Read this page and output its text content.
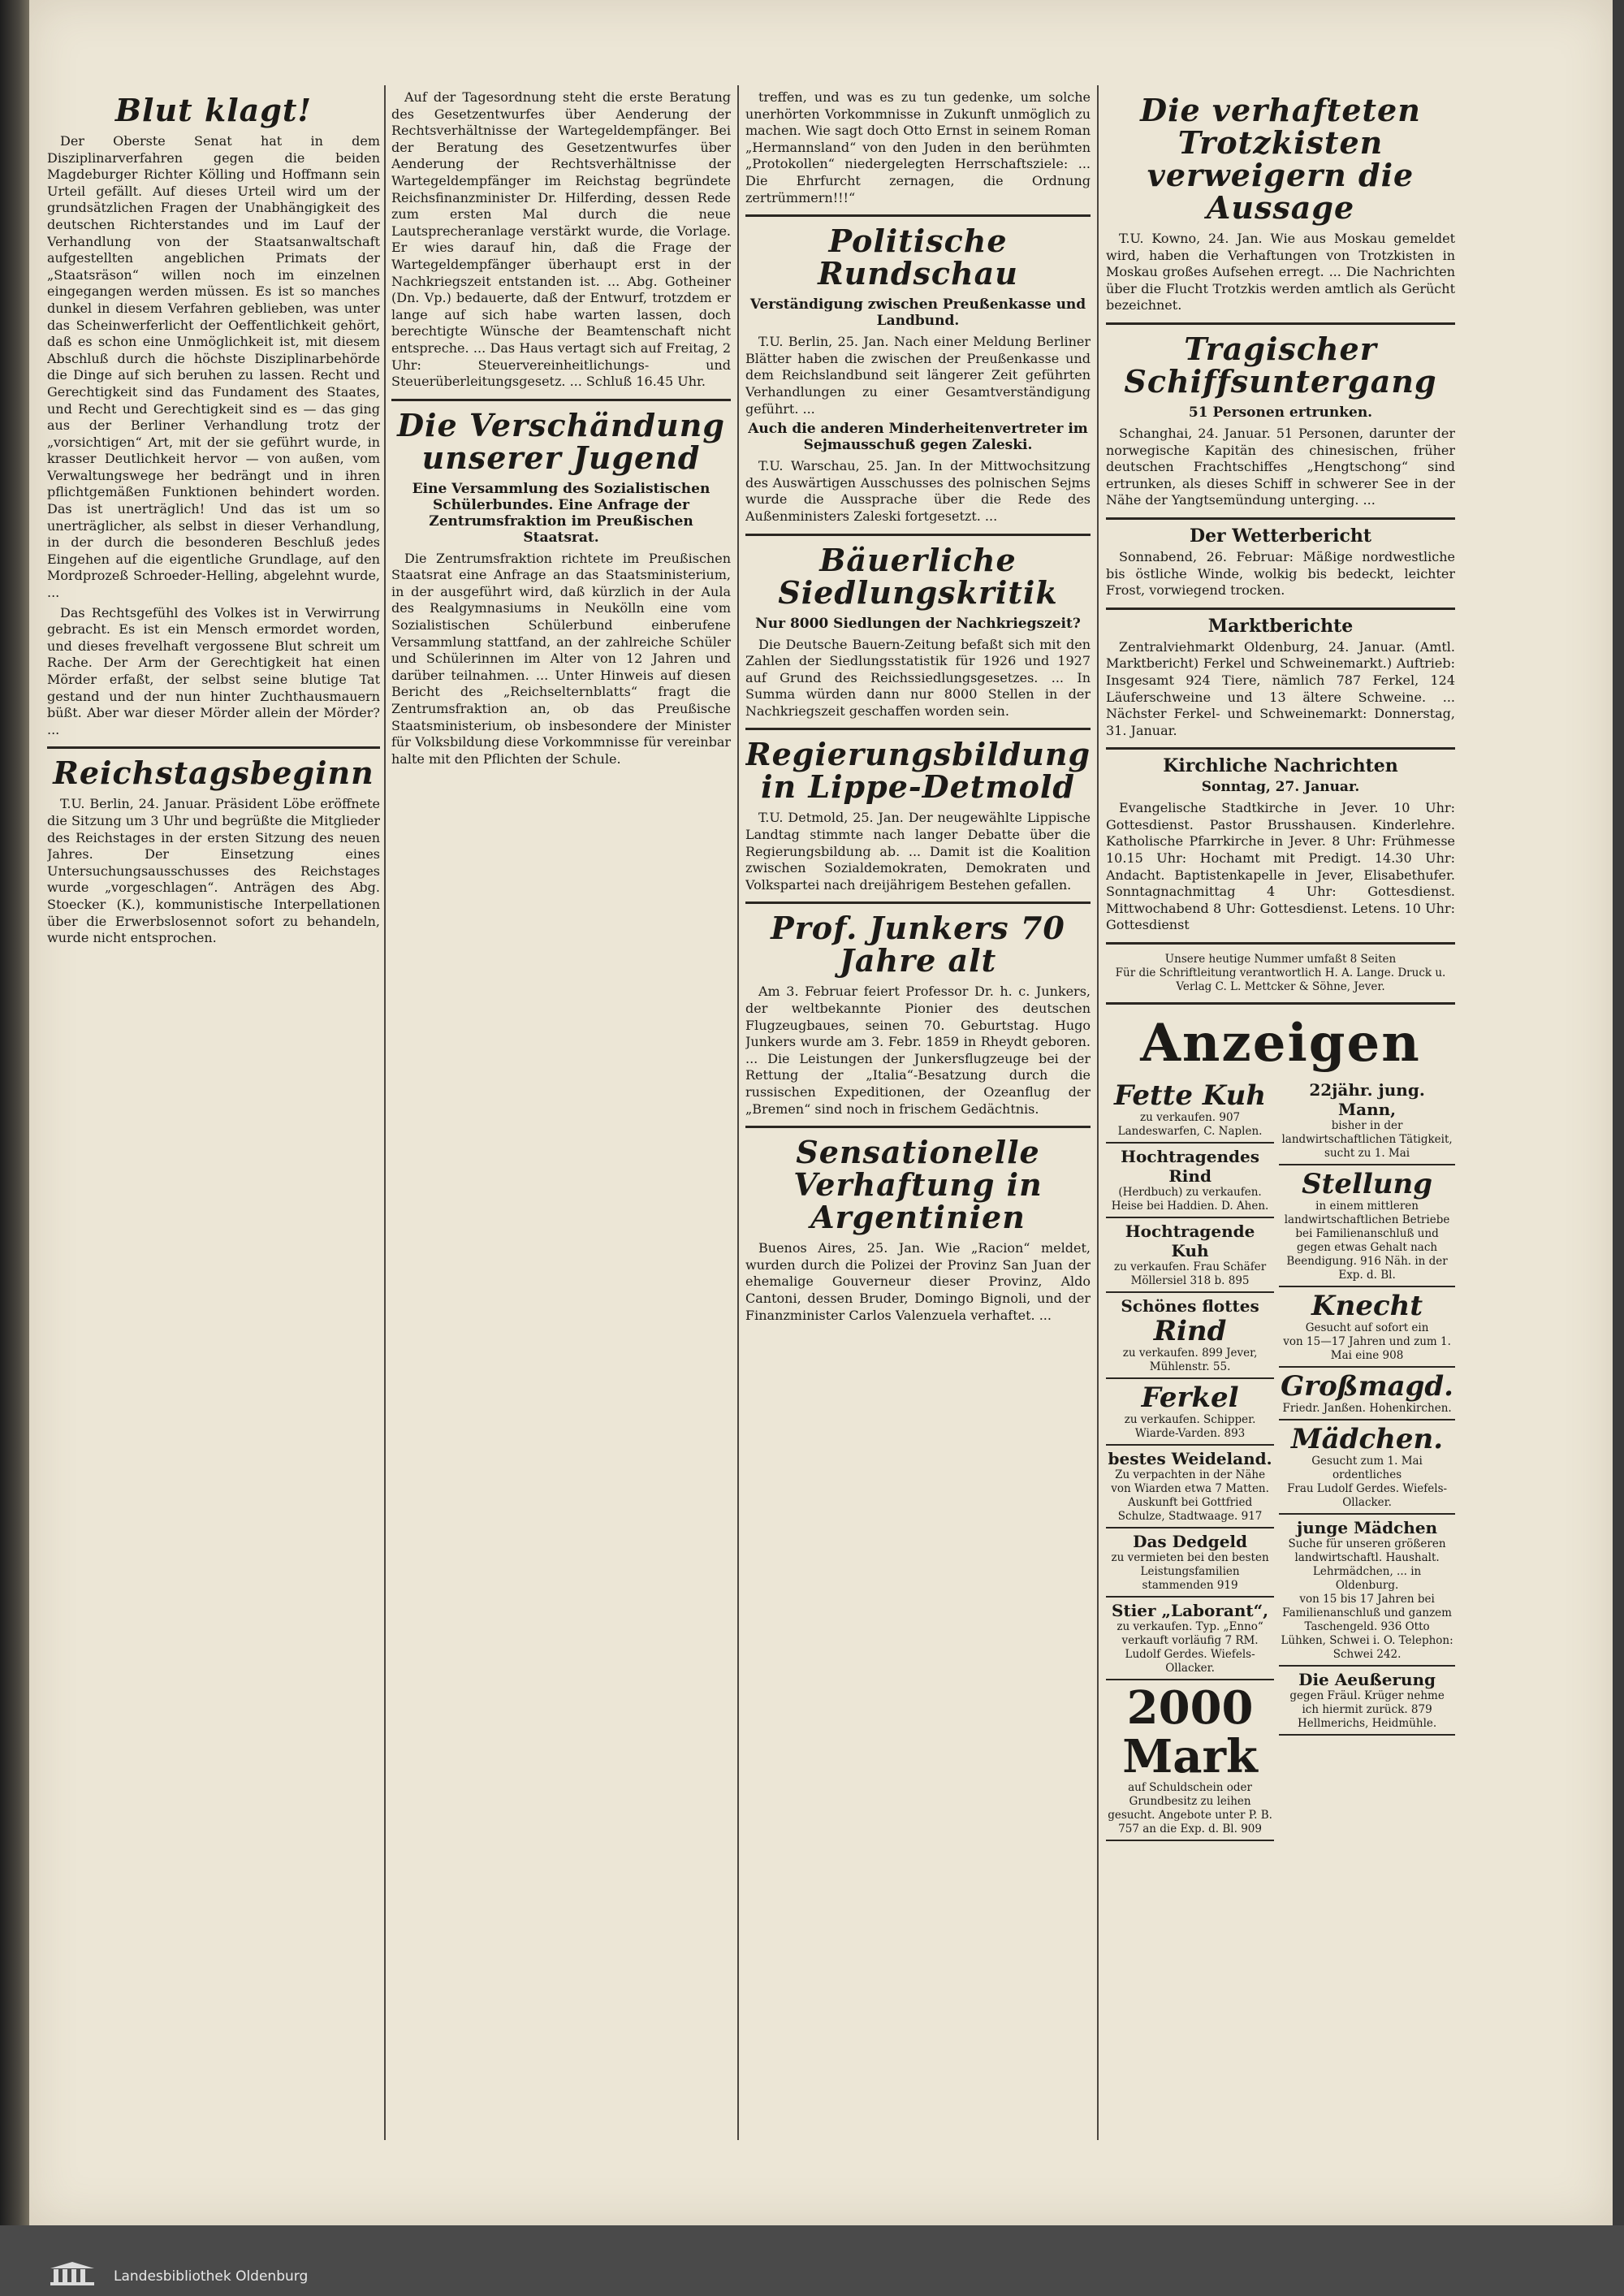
Blut klagt!

Der Oberste Senat hat in dem Disziplinarverfahren gegen die beiden Magdeburger Richter Kölling und Hoffmann sein Urteil gefällt. Auf dieses Urteil wird um der grundsätzlichen Fragen der Unabhängigkeit des deutschen Richterstandes und im Lauf der Verhandlung von der Staatsanwaltschaft aufgestellten angeblichen Primats der „Staatsräson“ willen noch im einzelnen eingegangen werden müssen. Es ist so manches dunkel in diesem Verfahren geblieben, was unter das Scheinwerferlicht der Oeffentlichkeit gehört, daß es schon eine Unmöglichkeit ist, mit diesem Abschluß durch die höchste Disziplinarbehörde die Dinge auf sich beruhen zu lassen. Recht und Gerechtigkeit sind das Fundament des Staates, und Recht und Gerechtigkeit sind es — das ging aus der Berliner Verhandlung trotz der „vorsichtigen“ Art, mit der sie geführt wurde, in krasser Deutlichkeit hervor — von außen, vom Verwaltungswege her bedrängt und in ihren pflichtgemäßen Funktionen behindert worden. Das ist unerträglich! Und das ist um so unerträglicher, als selbst in dieser Verhandlung, in der durch die besonderen Beschluß jedes Eingehen auf die eigentliche Grundlage, auf den Mordprozeß Schroeder-Helling, abgelehnt wurde, ...

Das Rechtsgefühl des Volkes ist in Verwirrung gebracht. Es ist ein Mensch ermordet worden, und dieses frevelhaft vergossene Blut schreit um Rache. Der Arm der Gerechtigkeit hat einen Mörder erfaßt, der selbst seine blutige Tat gestand und der nun hinter Zuchthausmauern büßt. Aber war dieser Mörder allein der Mörder? ...

Reichstagsbeginn

T.U. Berlin, 24. Januar. Präsident Löbe eröffnete die Sitzung um 3 Uhr und begrüßte die Mitglieder des Reichstages in der ersten Sitzung des neuen Jahres. Der Einsetzung eines Untersuchungsausschusses des Reichstages wurde „vorgeschlagen“. Anträgen des Abg. Stoecker (K.), kommunistische Interpellationen über die Erwerbslosennot sofort zu behandeln, wurde nicht entsprochen.

Auf der Tagesordnung steht die erste Beratung des Gesetzentwurfes über Aenderung der Rechtsverhältnisse der Wartegeldempfänger. Bei der Beratung des Gesetzentwurfes über Aenderung der Rechtsverhältnisse der Wartegeldempfänger im Reichstag begründete Reichsfinanzminister Dr. Hilferding, dessen Rede zum ersten Mal durch die neue Lautsprecheranlage verstärkt wurde, die Vorlage. Er wies darauf hin, daß die Frage der Wartegeldempfänger überhaupt erst in der Nachkriegszeit entstanden ist. ... Abg. Gotheiner (Dn. Vp.) bedauerte, daß der Entwurf, trotzdem er lange auf sich habe warten lassen, doch berechtigte Wünsche der Beamtenschaft nicht entspreche. ... Das Haus vertagt sich auf Freitag, 2 Uhr: Steuervereinheitlichungs- und Steuerüberleitungsgesetz. ... Schluß 16.45 Uhr.

Die Verschändung unserer Jugend
Eine Versammlung des Sozialistischen Schülerbundes. Eine Anfrage der Zentrumsfraktion im Preußischen Staatsrat.

Die Zentrumsfraktion richtete im Preußischen Staatsrat eine Anfrage an das Staatsministerium, in der ausgeführt wird, daß kürzlich in der Aula des Realgymnasiums in Neukölln eine vom Sozialistischen Schülerbund einberufene Versammlung stattfand, an der zahlreiche Schüler und Schülerinnen im Alter von 12 Jahren und darüber teilnahmen. ... Unter Hinweis auf diesen Bericht des „Reichselternblatts“ fragt die Zentrumsfraktion an, ob das Preußische Staatsministerium, ob insbesondere der Minister für Volksbildung diese Vorkommnisse für vereinbar halte mit den Pflichten der Schule.

treffen, und was es zu tun gedenke, um solche unerhörten Vorkommnisse in Zukunft unmöglich zu machen. Wie sagt doch Otto Ernst in seinem Roman „Hermannsland“ von den Juden in den berühmten „Protokollen“ niedergelegten Herrschaftsziele: ... Die Ehrfurcht zernagen, die Ordnung zertrümmern!!!“

Politische Rundschau
Verständigung zwischen Preußenkasse und Landbund.

T.U. Berlin, 25. Jan. Nach einer Meldung Berliner Blätter haben die zwischen der Preußenkasse und dem Reichslandbund seit längerer Zeit geführten Verhandlungen zu einer Gesamtverständigung geführt. ...

Auch die anderen Minderheitenvertreter im Sejmausschuß gegen Zaleski.

T.U. Warschau, 25. Jan. In der Mittwochsitzung des Auswärtigen Ausschusses des polnischen Sejms wurde die Aussprache über die Rede des Außenministers Zaleski fortgesetzt. ...

Bäuerliche Siedlungskritik
Nur 8000 Siedlungen der Nachkriegszeit?

Die Deutsche Bauern-Zeitung befaßt sich mit den Zahlen der Siedlungsstatistik für 1926 und 1927 auf Grund des Reichssiedlungsgesetzes. ... In Summa würden dann nur 8000 Stellen in der Nachkriegszeit geschaffen worden sein.

Regierungsbildung in Lippe-Detmold

T.U. Detmold, 25. Jan. Der neugewählte Lippische Landtag stimmte nach langer Debatte über die Regierungsbildung ab. ... Damit ist die Koalition zwischen Sozialdemokraten, Demokraten und Volkspartei nach dreijährigem Bestehen gefallen.

Prof. Junkers 70 Jahre alt

Am 3. Februar feiert Professor Dr. h. c. Junkers, der weltbekannte Pionier des deutschen Flugzeugbaues, seinen 70. Geburtstag. Hugo Junkers wurde am 3. Febr. 1859 in Rheydt geboren. ... Die Leistungen der Junkersflugzeuge bei der Rettung der „Italia“-Besatzung durch die russischen Expeditionen, der Ozeanflug der „Bremen“ sind noch in frischem Gedächtnis.

Sensationelle Verhaftung in Argentinien

Buenos Aires, 25. Jan. Wie „Racion“ meldet, wurden durch die Polizei der Provinz San Juan der ehemalige Gouverneur dieser Provinz, Aldo Cantoni, dessen Bruder, Domingo Bignoli, und der Finanzminister Carlos Valenzuela verhaftet. ...

Die verhafteten Trotzkisten verweigern die Aussage

T.U. Kowno, 24. Jan. Wie aus Moskau gemeldet wird, haben die Verhaftungen von Trotzkisten in Moskau großes Aufsehen erregt. ... Die Nachrichten über die Flucht Trotzkis werden amtlich als Gerücht bezeichnet.

Tragischer Schiffsuntergang
51 Personen ertrunken.

Schanghai, 24. Januar. 51 Personen, darunter der norwegische Kapitän des chinesischen, früher deutschen Frachtschiffes „Hengtschong“ sind ertrunken, als dieses Schiff in schwerer See in der Nähe der Yangtsemündung unterging. ...

Der Wetterbericht

Sonnabend, 26. Februar: Mäßige nordwestliche bis östliche Winde, wolkig bis bedeckt, leichter Frost, vorwiegend trocken.

Marktberichte

Zentralviehmarkt Oldenburg, 24. Januar. (Amtl. Marktbericht) Ferkel und Schweinemarkt.) Auftrieb: Insgesamt 924 Tiere, nämlich 787 Ferkel, 124 Läuferschweine und 13 ältere Schweine. ... Nächster Ferkel- und Schweinemarkt: Donnerstag, 31. Januar.

Kirchliche Nachrichten
Sonntag, 27. Januar.

Evangelische Stadtkirche in Jever. 10 Uhr: Gottesdienst. Pastor Brusshausen. Kinderlehre. Katholische Pfarrkirche in Jever. 8 Uhr: Frühmesse 10.15 Uhr: Hochamt mit Predigt. 14.30 Uhr: Andacht. Baptistenkapelle in Jever, Elisabethufer. Sonntagnachmittag 4 Uhr: Gottesdienst. Mittwochabend 8 Uhr: Gottesdienst. Letens. 10 Uhr: Gottesdienst

Unsere heutige Nummer umfaßt 8 Seiten
Für die Schriftleitung verantwortlich H. A. Lange. Druck u. Verlag C. L. Mettcker & Söhne, Jever.
Anzeigen
Fette Kuh
zu verkaufen. 907 Landeswarfen, C. Naplen.
Hochtragendes Rind
(Herdbuch) zu verkaufen. Heise bei Haddien. D. Ahen.
Hochtragende Kuh
zu verkaufen. Frau Schäfer Möllersiel 318 b. 895
Schönes flottes
Rind
zu verkaufen. 899 Jever, Mühlenstr. 55.
Ferkel
zu verkaufen. Schipper. Wiarde-Varden. 893
bestes Weideland.
Zu verpachten in der Nähe von Wiarden etwa 7 Matten. Auskunft bei Gottfried Schulze, Stadtwaage. 917
Das Dedgeld
zu vermieten bei den besten Leistungsfamilien stammenden 919
Stier „Laborant“,
zu verkaufen. Typ. „Enno“ verkauft vorläufig 7 RM. Ludolf Gerdes. Wiefels-Ollacker.
2000 Mark
auf Schuldschein oder Grundbesitz zu leihen gesucht. Angebote unter P. B. 757 an die Exp. d. Bl. 909
22jähr. jung. Mann,
bisher in der landwirtschaftlichen Tätigkeit, sucht zu 1. Mai
Stellung
in einem mittleren landwirtschaftlichen Betriebe bei Familienanschluß und gegen etwas Gehalt nach Beendigung. 916 Näh. in der Exp. d. Bl.
Knecht
Gesucht auf sofort ein
von 15—17 Jahren und zum 1. Mai eine 908
Großmagd.
Friedr. Janßen. Hohenkirchen.
Mädchen.
Gesucht zum 1. Mai ordentliches
Frau Ludolf Gerdes. Wiefels-Ollacker.
junge Mädchen
Suche für unseren größeren landwirtschaftl. Haushalt. Lehrmädchen, ... in Oldenburg.
von 15 bis 17 Jahren bei Familienanschluß und ganzem Taschengeld. 936 Otto Lühken, Schwei i. O. Telephon: Schwei 242.
Die Aeußerung
gegen Fräul. Krüger nehme ich hiermit zurück. 879 Hellmerichs, Heidmühle.
Landesbibliothek Oldenburg
